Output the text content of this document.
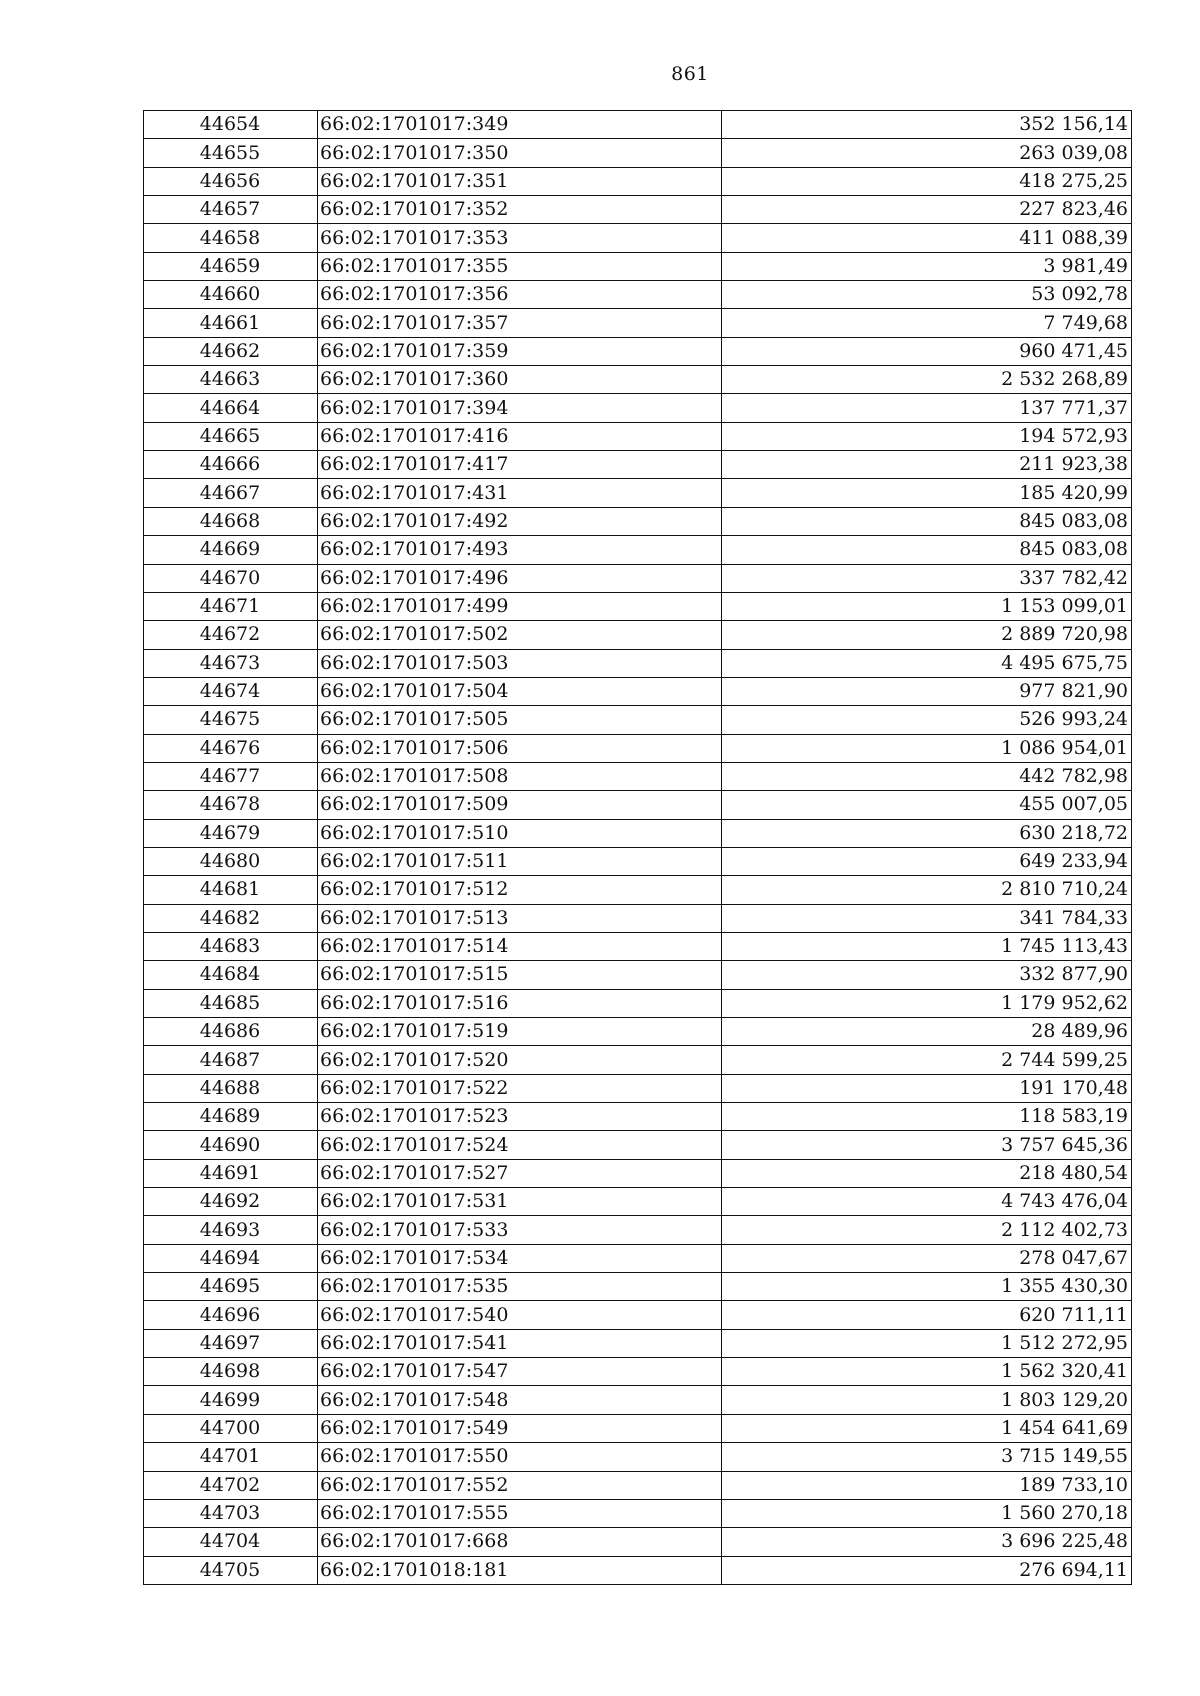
861
44654	66:02:1701017:349	352 156,14
44655	66:02:1701017:350	263 039,08
44656	66:02:1701017:351	418 275,25
44657	66:02:1701017:352	227 823,46
44658	66:02:1701017:353	411 088,39
44659	66:02:1701017:355	3 981,49
44660	66:02:1701017:356	53 092,78
44661	66:02:1701017:357	7 749,68
44662	66:02:1701017:359	960 471,45
44663	66:02:1701017:360	2 532 268,89
44664	66:02:1701017:394	137 771,37
44665	66:02:1701017:416	194 572,93
44666	66:02:1701017:417	211 923,38
44667	66:02:1701017:431	185 420,99
44668	66:02:1701017:492	845 083,08
44669	66:02:1701017:493	845 083,08
44670	66:02:1701017:496	337 782,42
44671	66:02:1701017:499	1 153 099,01
44672	66:02:1701017:502	2 889 720,98
44673	66:02:1701017:503	4 495 675,75
44674	66:02:1701017:504	977 821,90
44675	66:02:1701017:505	526 993,24
44676	66:02:1701017:506	1 086 954,01
44677	66:02:1701017:508	442 782,98
44678	66:02:1701017:509	455 007,05
44679	66:02:1701017:510	630 218,72
44680	66:02:1701017:511	649 233,94
44681	66:02:1701017:512	2 810 710,24
44682	66:02:1701017:513	341 784,33
44683	66:02:1701017:514	1 745 113,43
44684	66:02:1701017:515	332 877,90
44685	66:02:1701017:516	1 179 952,62
44686	66:02:1701017:519	28 489,96
44687	66:02:1701017:520	2 744 599,25
44688	66:02:1701017:522	191 170,48
44689	66:02:1701017:523	118 583,19
44690	66:02:1701017:524	3 757 645,36
44691	66:02:1701017:527	218 480,54
44692	66:02:1701017:531	4 743 476,04
44693	66:02:1701017:533	2 112 402,73
44694	66:02:1701017:534	278 047,67
44695	66:02:1701017:535	1 355 430,30
44696	66:02:1701017:540	620 711,11
44697	66:02:1701017:541	1 512 272,95
44698	66:02:1701017:547	1 562 320,41
44699	66:02:1701017:548	1 803 129,20
44700	66:02:1701017:549	1 454 641,69
44701	66:02:1701017:550	3 715 149,55
44702	66:02:1701017:552	189 733,10
44703	66:02:1701017:555	1 560 270,18
44704	66:02:1701017:668	3 696 225,48
44705	66:02:1701018:181	276 694,11
